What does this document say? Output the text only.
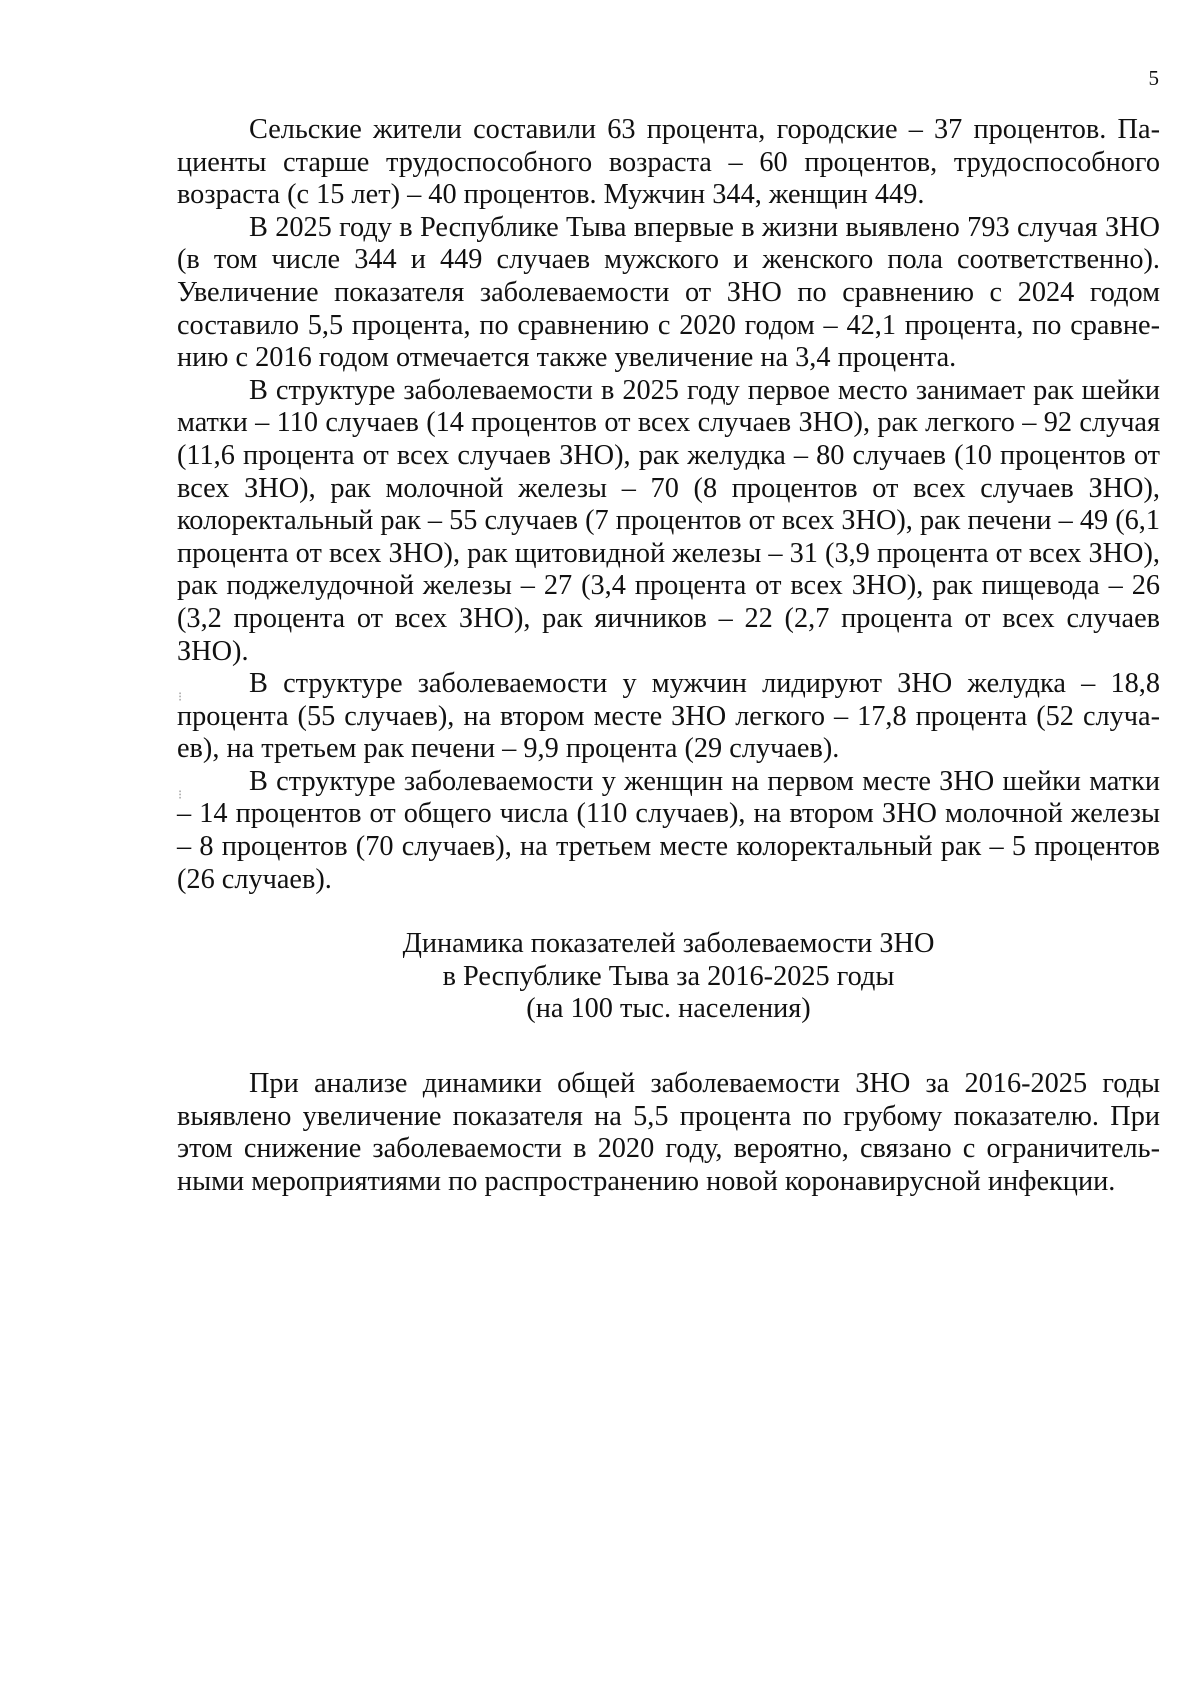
5

Сельские жители составили 63 процента, городские – 37 процентов. Пациенты старше трудоспособного возраста – 60 процентов, трудоспособного возраста (с 15 лет) – 40 процентов. Мужчин 344, женщин 449.

В 2025 году в Республике Тыва впервые в жизни выявлено 793 случая ЗНО (в том числе 344 и 449 случаев мужского и женского пола соответственно). Увеличение показателя заболеваемости от ЗНО по сравнению с 2024 годом составило 5,5 процента, по сравнению с 2020 годом – 42,1 процента, по сравнению с 2016 годом отмечается также увеличение на 3,4 процента.

В структуре заболеваемости в 2025 году первое место занимает рак шейки матки – 110 случаев (14 процентов от всех случаев ЗНО), рак легкого – 92 случая (11,6 процента от всех случаев ЗНО), рак желудка – 80 случаев (10 процентов от всех ЗНО), рак молочной железы – 70 (8 процентов от всех случаев ЗНО), колоректальный рак – 55 случаев (7 процентов от всех ЗНО), рак печени – 49 (6,1 процента от всех ЗНО), рак щитовидной железы – 31 (3,9 процента от всех ЗНО), рак поджелудочной железы – 27 (3,4 процента от всех ЗНО), рак пищевода – 26 (3,2 процента от всех ЗНО), рак яичников – 22 (2,7 процента от всех случаев ЗНО).

В структуре заболеваемости у мужчин лидируют ЗНО желудка – 18,8 процента (55 случаев), на втором месте ЗНО легкого – 17,8 процента (52 случаев), на третьем рак печени – 9,9 процента (29 случаев).

В структуре заболеваемости у женщин на первом месте ЗНО шейки матки – 14 процентов от общего числа (110 случаев), на втором ЗНО молочной железы – 8 процентов (70 случаев), на третьем месте колоректальный рак – 5 процентов (26 случаев).

⁝
⁝
Динамика показателей заболеваемости ЗНО
в Республике Тыва за 2016-2025 годы
(на 100 тыс. населения)

При анализе динамики общей заболеваемости ЗНО за 2016-2025 годы выявлено увеличение показателя на 5,5 процента по грубому показателю. При этом снижение заболеваемости в 2020 году, вероятно, связано с ограничительными мероприятиями по распространению новой коронавирусной инфекции.
